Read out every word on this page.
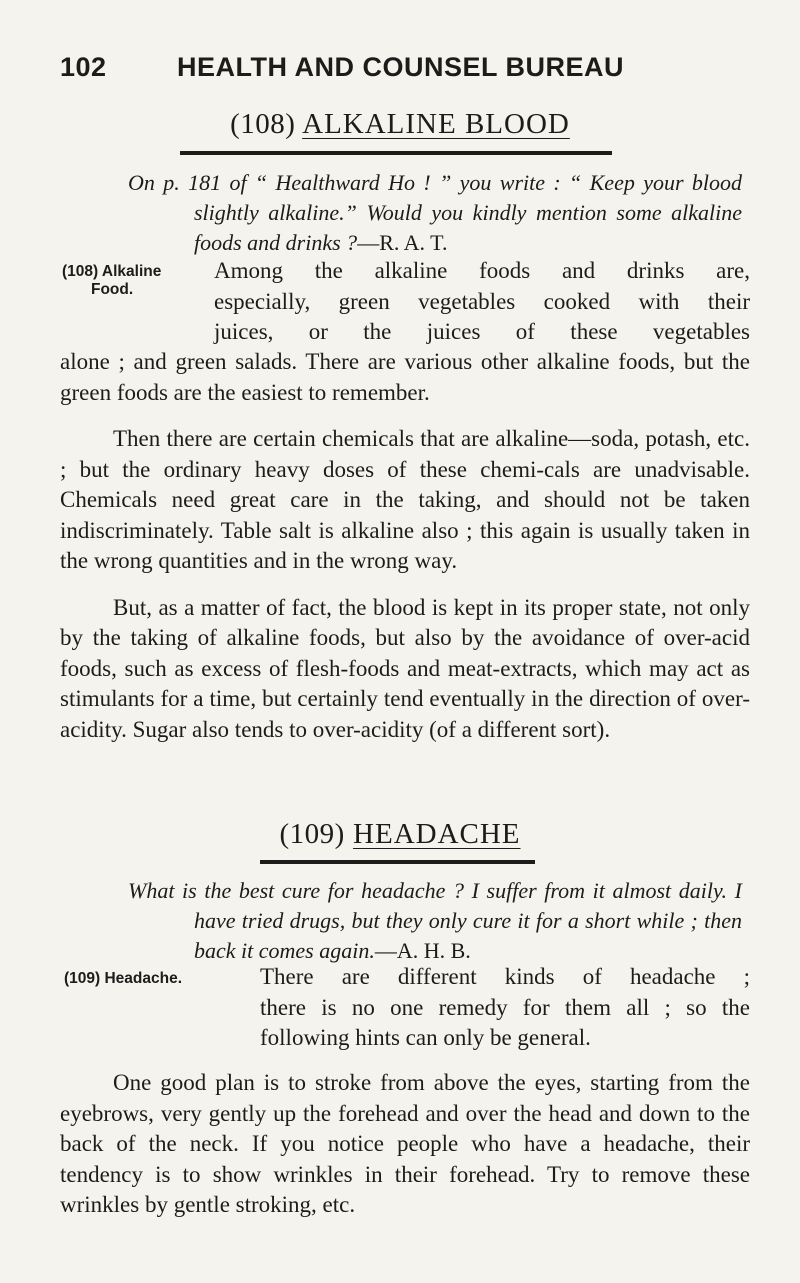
102	HEALTH AND COUNSEL BUREAU
(108) ALKALINE BLOOD
On p. 181 of “ Healthward Ho ! ” you write : “ Keep your blood slightly alkaline.” Would you kindly mention some alkaline foods and drinks ?—R. A. T.
(108) Alkaline
Food.

Among the alkaline foods and drinks are,

especially, green vegetables cooked with their

juices, or the juices of these vegetables

alone ; and green salads. There are various other alkaline foods, but the green foods are the easiest to remember.

Then there are certain chemicals that are alkaline—soda, potash, etc. ; but the ordinary heavy doses of these chemi-cals are unadvisable. Chemicals need great care in the taking, and should not be taken indiscriminately. Table salt is alkaline also ; this again is usually taken in the wrong quantities and in the wrong way.

But, as a matter of fact, the blood is kept in its proper state, not only by the taking of alkaline foods, but also by the avoidance of over-acid foods, such as excess of flesh-foods and meat-extracts, which may act as stimulants for a time, but certainly tend eventually in the direction of over-acidity. Sugar also tends to over-acidity (of a different sort).

(109) HEADACHE
What is the best cure for headache ? I suffer from it almost daily. I have tried drugs, but they only cure it for a short while ; then back it comes again.—A. H. B.
(109) Headache.	There are different kinds of headache ;

there is no one remedy for them all ; so the

following hints can only be general.

One good plan is to stroke from above the eyes, starting from the eyebrows, very gently up the forehead and over the head and down to the back of the neck. If you notice people who have a headache, their tendency is to show wrinkles in their forehead. Try to remove these wrinkles by gentle stroking, etc.
